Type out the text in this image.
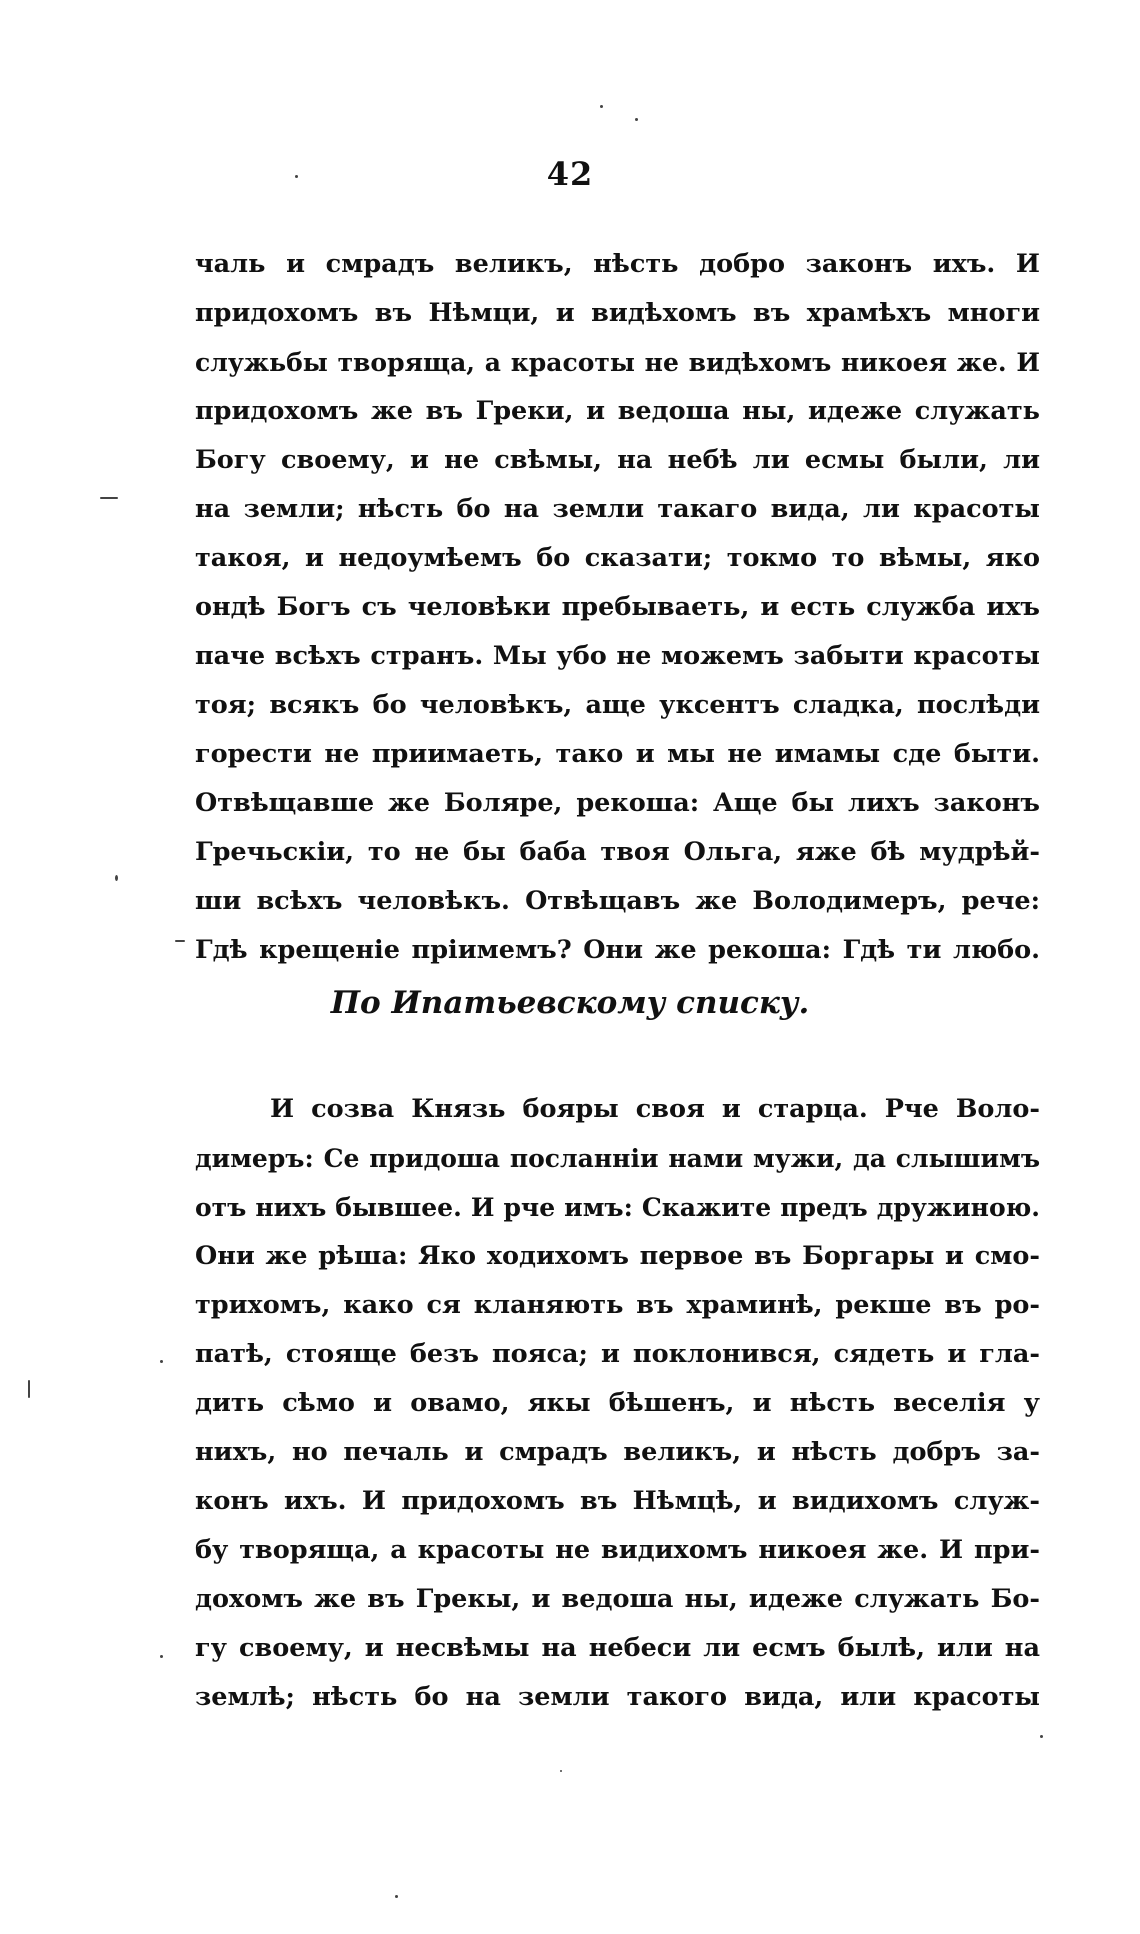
42
чаль и смрадъ великъ, нѣсть добро законъ ихъ. И
придохомъ въ Нѣмци, и видѣхомъ въ храмѣхъ многи
служьбы творяща, а красоты не видѣхомъ никоея же. И
придохомъ же въ Греки, и ведоша ны, идеже служать
Богу своему, и не свѣмы, на небѣ ли есмы были, ли
на земли; нѣсть бо на земли такаго вида, ли красоты
такоя, и недоумѣемъ бо сказати; токмо то вѣмы, яко
ондѣ Богъ съ человѣки пребываеть, и есть служба ихъ
паче всѣхъ странъ. Мы убо не можемъ забыти красоты
тоя; всякъ бо человѣкъ, аще уксентъ сладка, послѣди
горести не приимаеть, тако и мы не имамы сде быти.
Отвѣщавше же Боляре, рекоша: Аще бы лихъ законъ
Гречьскiи, то не бы баба твоя Ольга, яже бѣ мудрѣй-
ши всѣхъ человѣкъ. Отвѣщавъ же Володимеръ, рече:
Гдѣ крещенiе прiимемъ? Они же рекоша: Гдѣ ти любо.
По Ипатьевскому списку.
И созва Князь бояры своя и старца. Рче Воло-
димеръ: Се придоша посланнiи нами мужи, да слышимъ
отъ нихъ бывшее. И рче имъ: Скажите предъ дружиною.
Они же рѣша: Яко ходихомъ первое въ Боргары и смо-
трихомъ, како ся кланяють въ храминѣ, рекше въ ро-
патѣ, стояще безъ пояса; и поклонився, сядеть и гла-
дить сѣмо и овамо, якы бѣшенъ, и нѣсть веселiя у
нихъ, но печаль и смрадъ великъ, и нѣсть добръ за-
конъ ихъ. И придохомъ въ Нѣмцѣ, и видихомъ служ-
бу творяща, а красоты не видихомъ никоея же. И при-
дохомъ же въ Грекы, и ведоша ны, идеже служать Бо-
гу своему, и несвѣмы на небеси ли есмъ былѣ, или на
землѣ; нѣсть бо на земли такого вида, или красоты
